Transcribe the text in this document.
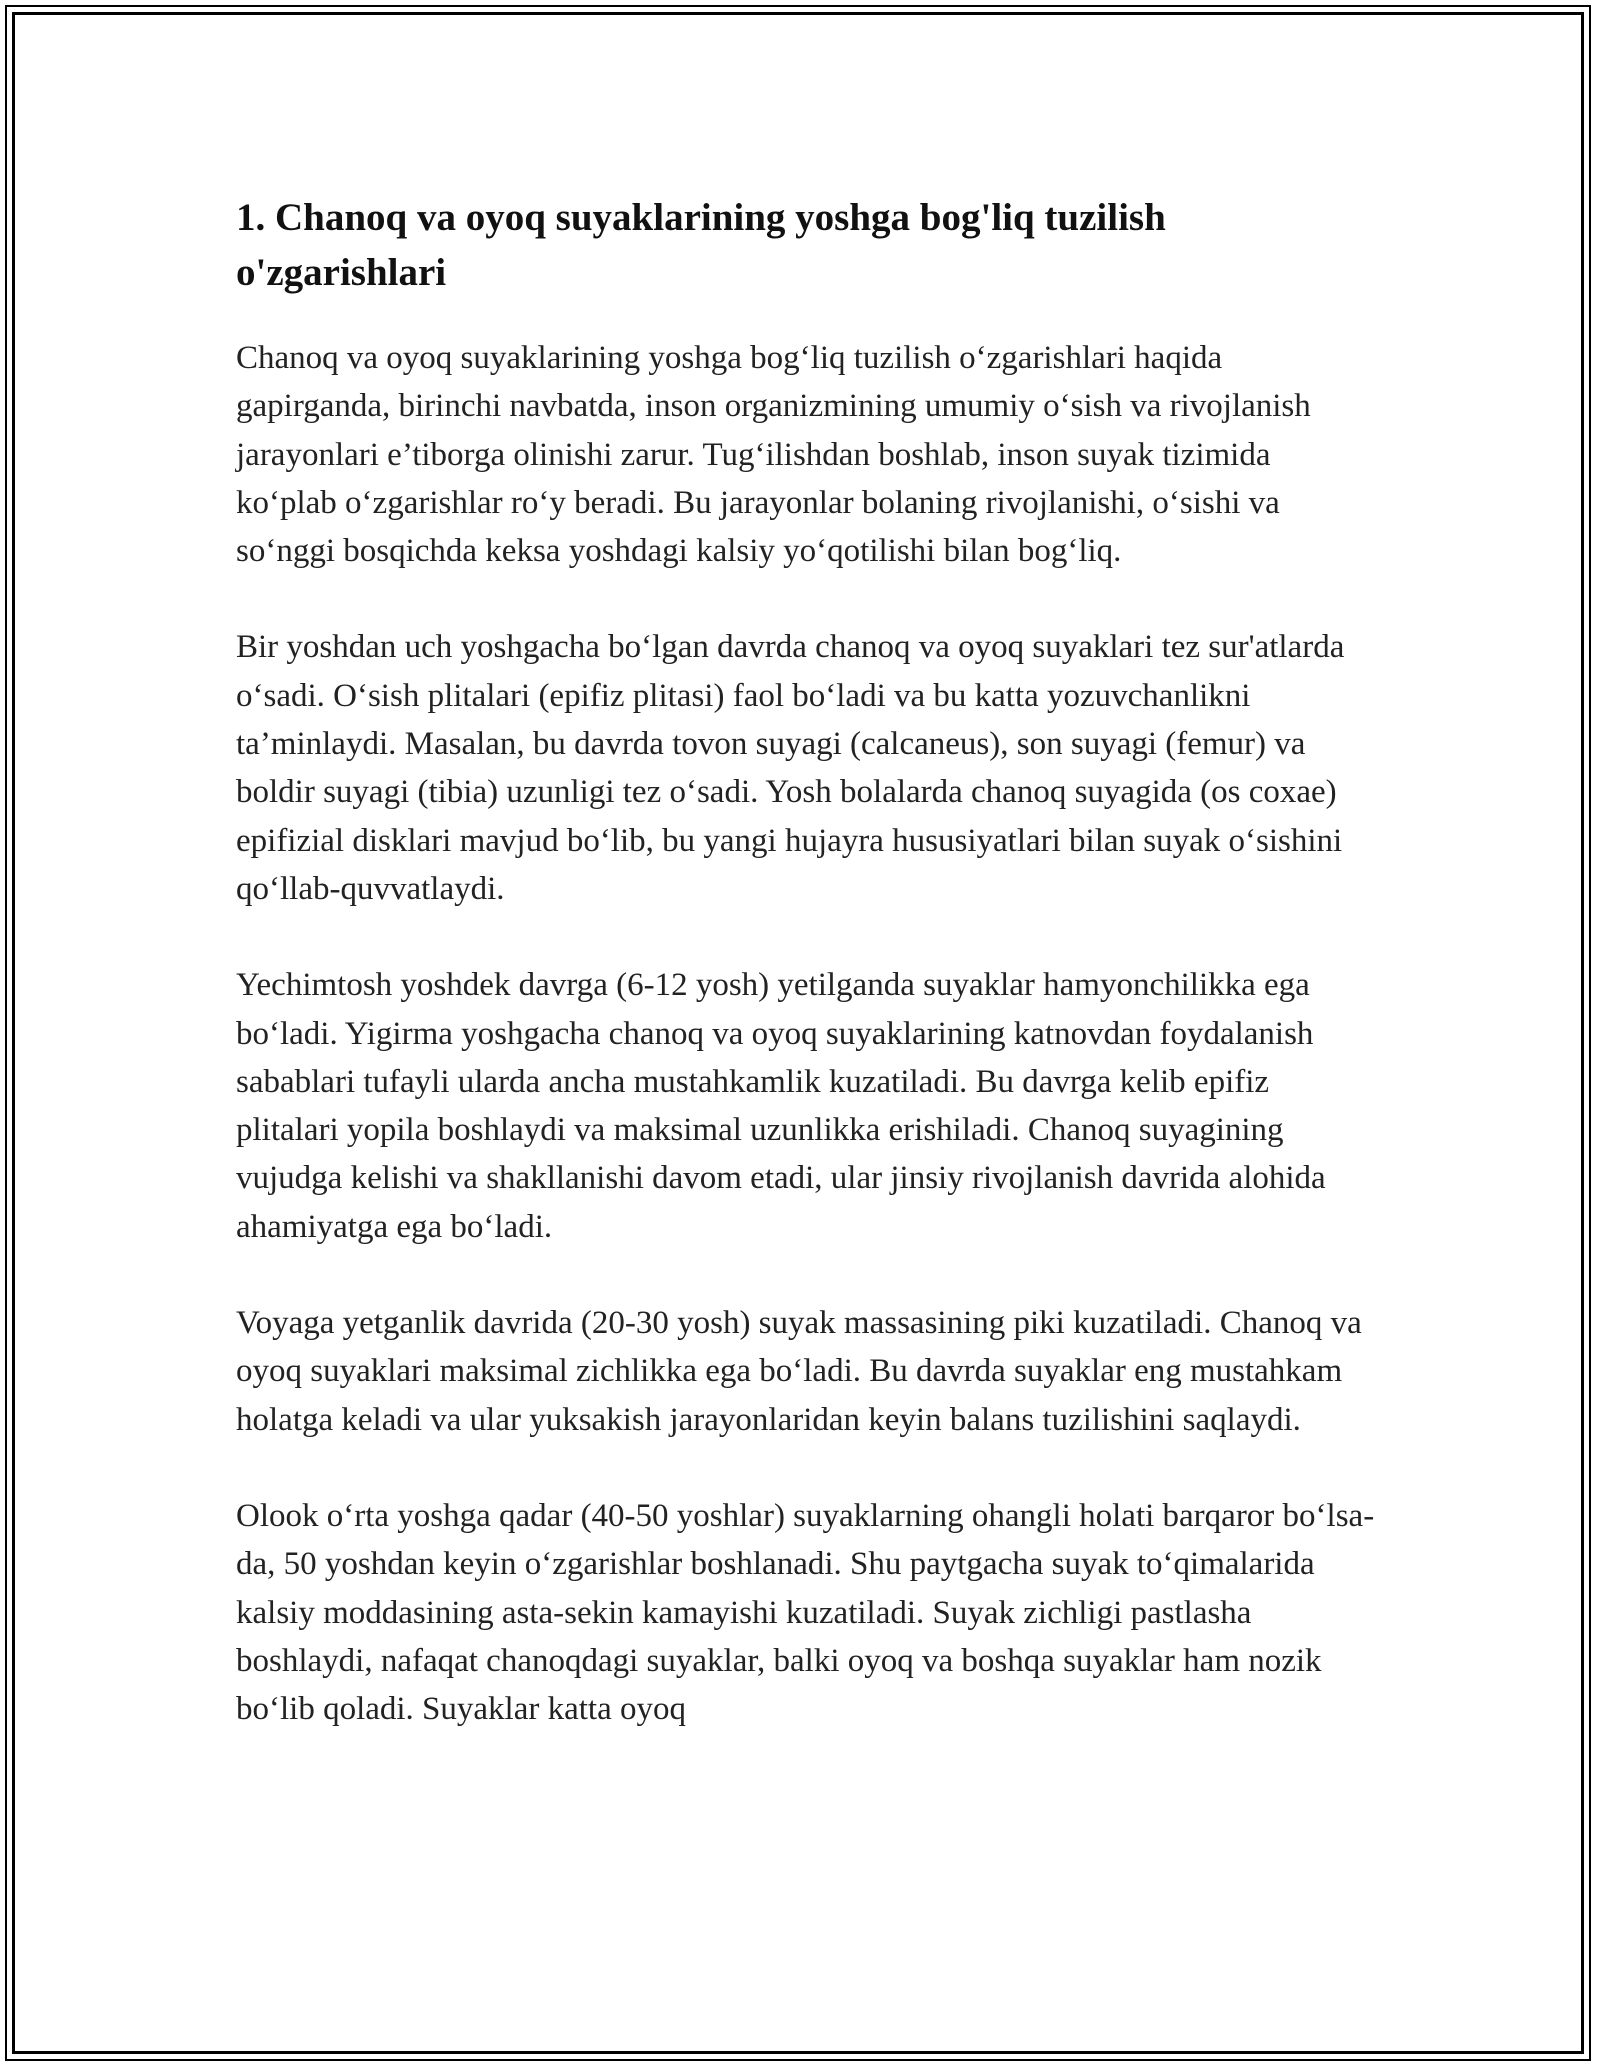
1. Chanoq va oyoq suyaklarining yoshga bog'liq tuzilish o'zgarishlari

Chanoq va oyoq suyaklarining yoshga bog‘liq tuzilish o‘zgarishlari haqida gapirganda, birinchi navbatda, inson organizmining umumiy o‘sish va rivojlanish jarayonlari e’tiborga olinishi zarur. Tug‘ilishdan boshlab, inson suyak tizimida ko‘plab o‘zgarishlar ro‘y beradi. Bu jarayonlar bolaning rivojlanishi, o‘sishi va so‘nggi bosqichda keksa yoshdagi kalsiy yo‘qotilishi bilan bog‘liq.

Bir yoshdan uch yoshgacha bo‘lgan davrda chanoq va oyoq suyaklari tez sur'atlarda o‘sadi. O‘sish plitalari (epifiz plitasi) faol bo‘ladi va bu katta yozuvchanlikni ta’minlaydi. Masalan, bu davrda tovon suyagi (calcaneus), son suyagi (femur) va boldir suyagi (tibia) uzunligi tez o‘sadi. Yosh bolalarda chanoq suyagida (os coxae) epifizial disklari mavjud bo‘lib, bu yangi hujayra hususiyatlari bilan suyak o‘sishini qo‘llab-quvvatlaydi.

Yechimtosh yoshdek davrga (6-12 yosh) yetilganda suyaklar hamyonchilikka ega bo‘ladi. Yigirma yoshgacha chanoq va oyoq suyaklarining katnovdan foydalanish sabablari tufayli ularda ancha mustahkamlik kuzatiladi. Bu davrga kelib epifiz plitalari yopila boshlaydi va maksimal uzunlikka erishiladi. Chanoq suyagining vujudga kelishi va shakllanishi davom etadi, ular jinsiy rivojlanish davrida alohida ahamiyatga ega bo‘ladi.

Voyaga yetganlik davrida (20-30 yosh) suyak massasining piki kuzatiladi. Chanoq va oyoq suyaklari maksimal zichlikka ega bo‘ladi. Bu davrda suyaklar eng mustahkam holatga keladi va ular yuksakish jarayonlaridan keyin balans tuzilishini saqlaydi.

Olook o‘rta yoshga qadar (40-50 yoshlar) suyaklarning ohangli holati barqaror bo‘lsa-da, 50 yoshdan keyin o‘zgarishlar boshlanadi. Shu paytgacha suyak to‘qimalarida kalsiy moddasining asta-sekin kamayishi kuzatiladi. Suyak zichligi pastlasha boshlaydi, nafaqat chanoqdagi suyaklar, balki oyoq va boshqa suyaklar ham nozik bo‘lib qoladi. Suyaklar katta oyoq
